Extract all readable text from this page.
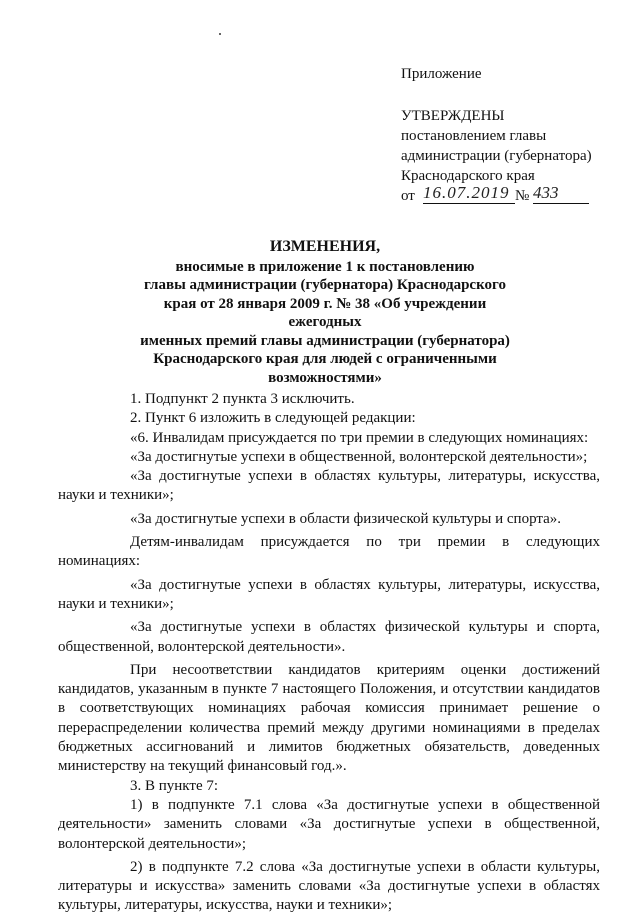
Приложение
УТВЕРЖДЕНЫ
постановлением главы
администрации (губернатора)
Краснодарского края
от 16.07.2019 № 433
ИЗМЕНЕНИЯ,
вносимые в приложение 1 к постановлению
главы администрации (губернатора) Краснодарского
края от 28 января 2009 г. № 38 «Об учреждении ежегодных
именных премий главы администрации (губернатора)
Краснодарского края для людей с ограниченными
возможностями»

1. Подпункт 2 пункта 3 исключить.

2. Пункт 6 изложить в следующей редакции:

«6. Инвалидам присуждается по три премии в следующих номинациях:

«За достигнутые успехи в общественной, волонтерской деятельности»;

«За достигнутые успехи в областях культуры, литературы, искусства, науки и техники»;

«За достигнутые успехи в области физической культуры и спорта».

Детям-инвалидам присуждается по три премии в следующих номинациях:

«За достигнутые успехи в областях культуры, литературы, искусства, науки и техники»;

«За достигнутые успехи в областях физической культуры и спорта, общественной, волонтерской деятельности».

При несоответствии кандидатов критериям оценки достижений кандидатов, указанным в пункте 7 настоящего Положения, и отсутствии кандидатов в соответствующих номинациях рабочая комиссия принимает решение о перераспределении количества премий между другими номинациями в пределах бюджетных ассигнований и лимитов бюджетных обязательств, доведенных министерству на текущий финансовый год.».

3. В пункте 7:

1) в подпункте 7.1 слова «За достигнутые успехи в общественной деятельности» заменить словами «За достигнутые успехи в общественной, волонтерской деятельности»;

2) в подпункте 7.2 слова «За достигнутые успехи в области культуры, литературы и искусства» заменить словами «За достигнутые успехи в областях культуры, литературы, искусства, науки и техники»;
